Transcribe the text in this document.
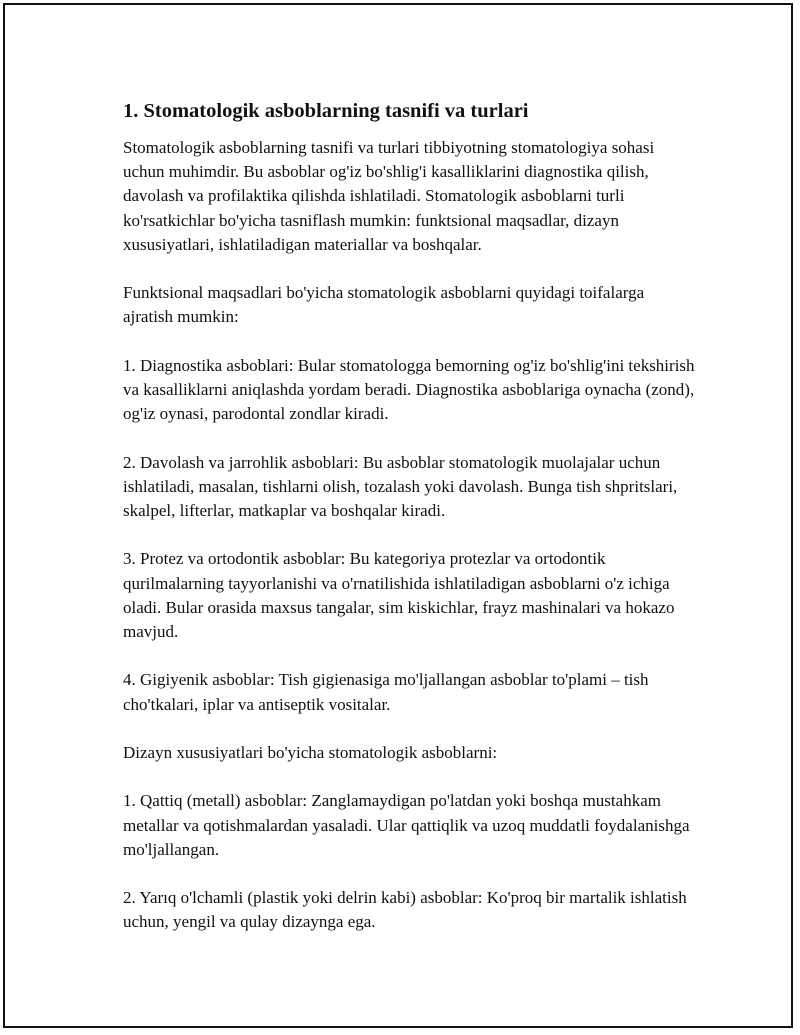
1. Stomatologik asboblarning tasnifi va turlari

Stomatologik asboblarning tasnifi va turlari tibbiyotning stomatologiya sohasi uchun muhimdir. Bu asboblar og'iz bo'shlig'i kasalliklarini diagnostika qilish, davolash va profilaktika qilishda ishlatiladi. Stomatologik asboblarni turli ko'rsatkichlar bo'yicha tasniflash mumkin: funktsional maqsadlar, dizayn xususiyatlari, ishlatiladigan materiallar va boshqalar.

Funktsional maqsadlari bo'yicha stomatologik asboblarni quyidagi toifalarga ajratish mumkin:

1. Diagnostika asboblari: Bular stomatologga bemorning og'iz bo'shlig'ini tekshirish va kasalliklarni aniqlashda yordam beradi. Diagnostika asboblariga oynacha (zond), og'iz oynasi, parodontal zondlar kiradi.

2. Davolash va jarrohlik asboblari: Bu asboblar stomatologik muolajalar uchun ishlatiladi, masalan, tishlarni olish, tozalash yoki davolash. Bunga tish shpritslari, skalpel, lifterlar, matkaplar va boshqalar kiradi.

3. Protez va ortodontik asboblar: Bu kategoriya protezlar va ortodontik qurilmalarning tayyorlanishi va o'rnatilishida ishlatiladigan asboblarni o'z ichiga oladi. Bular orasida maxsus tangalar, sim kiskichlar, frayz mashinalari va hokazo mavjud.

4. Gigiyenik asboblar: Tish gigienasiga mo'ljallangan asboblar to'plami – tish cho'tkalari, iplar va antiseptik vositalar.

Dizayn xususiyatlari bo'yicha stomatologik asboblarni:

1. Qattiq (metall) asboblar: Zanglamaydigan po'latdan yoki boshqa mustahkam metallar va qotishmalardan yasaladi. Ular qattiqlik va uzoq muddatli foydalanishga mo'ljallangan.

2. Yarıq o'lchamli (plastik yoki delrin kabi) asboblar: Ko'proq bir martalik ishlatish uchun, yengil va qulay dizaynga ega.
